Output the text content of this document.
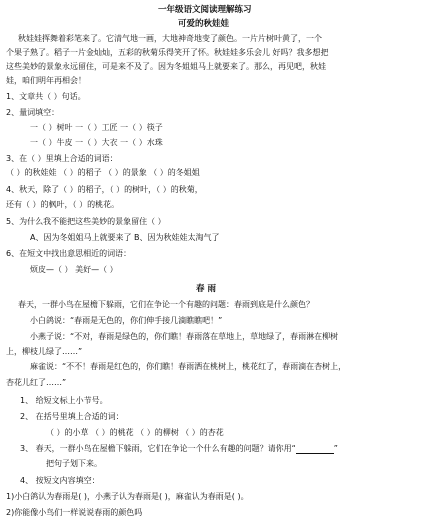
一年级语文阅读理解练习
可爱的秋娃娃
秋娃娃挥舞着彩笔来了。它清气地一画，大地神奇地变了颜色。一片片树叶黄了，一个
个果子熟了。稻子一片金灿灿，五彩的秋菊乐得笑开了怀。秋娃娃多乐会儿 好吗？我多想把
这些美妙的景象永远留住，可是来不及了。因为冬姐姐马上就要来了。那么，再见吧，秋娃
娃，咱们明年再相会！
1、文章共（ ）句话。
2、量词填空：
一（ ）树叶 一（ ）工匠 一（ ）筷子
一（ ）牛皮 一（ ）大衣 一（ ）水珠
3、在（ ）里填上合适的词语：
（ ）的秋娃娃 （ ）的稻子 （ ）的景象 （ ）的冬姐姐
4、秋天，除了（ ）的稻子，（ ）的树叶，（ ）的秋菊，
还有（ ）的枫叶，（ ）的桃花。
5、为什么我不能把这些美妙的景象留住（ ）
A、因为冬姐姐马上就要来了 B、因为秋娃娃太淘气了
6、在短文中找出意思相近的词语：
烦皮—（ ） 美好—（ ）
春 雨
春天，一群小鸟在屋檐下躲雨，它们在争论一个有趣的问题：春雨到底是什么颜色？
小白鸽说：“春雨是无色的，你们伸手接几滴瞧瞧吧！”
小燕子说：“不对，春雨是绿色的，你们瞧！春雨落在草地上，草地绿了，春雨淋在柳树
上，柳枝儿绿了……”
麻雀说：“不不！春雨是红色的，你们瞧！春雨洒在桃树上，桃花红了，春雨滴在杏树上，
杏花儿红了……”
1、 给短文标上小节号。
2、 在括号里填上合适的词：
（ ）的小草 （ ）的桃花 （ ）的柳树 （ ）的杏花
3、 春天，一群小鸟在屋檐下躲雨，它们在争论一个什么有趣的问题？请你用“	”
把句子划下来。
4、 按短文内容填空：
1)小白鸽认为春雨是( )，小燕子认为春雨是( )，麻雀认为春雨是( )。
2)你能像小鸟们一样说说春雨的颜色吗
